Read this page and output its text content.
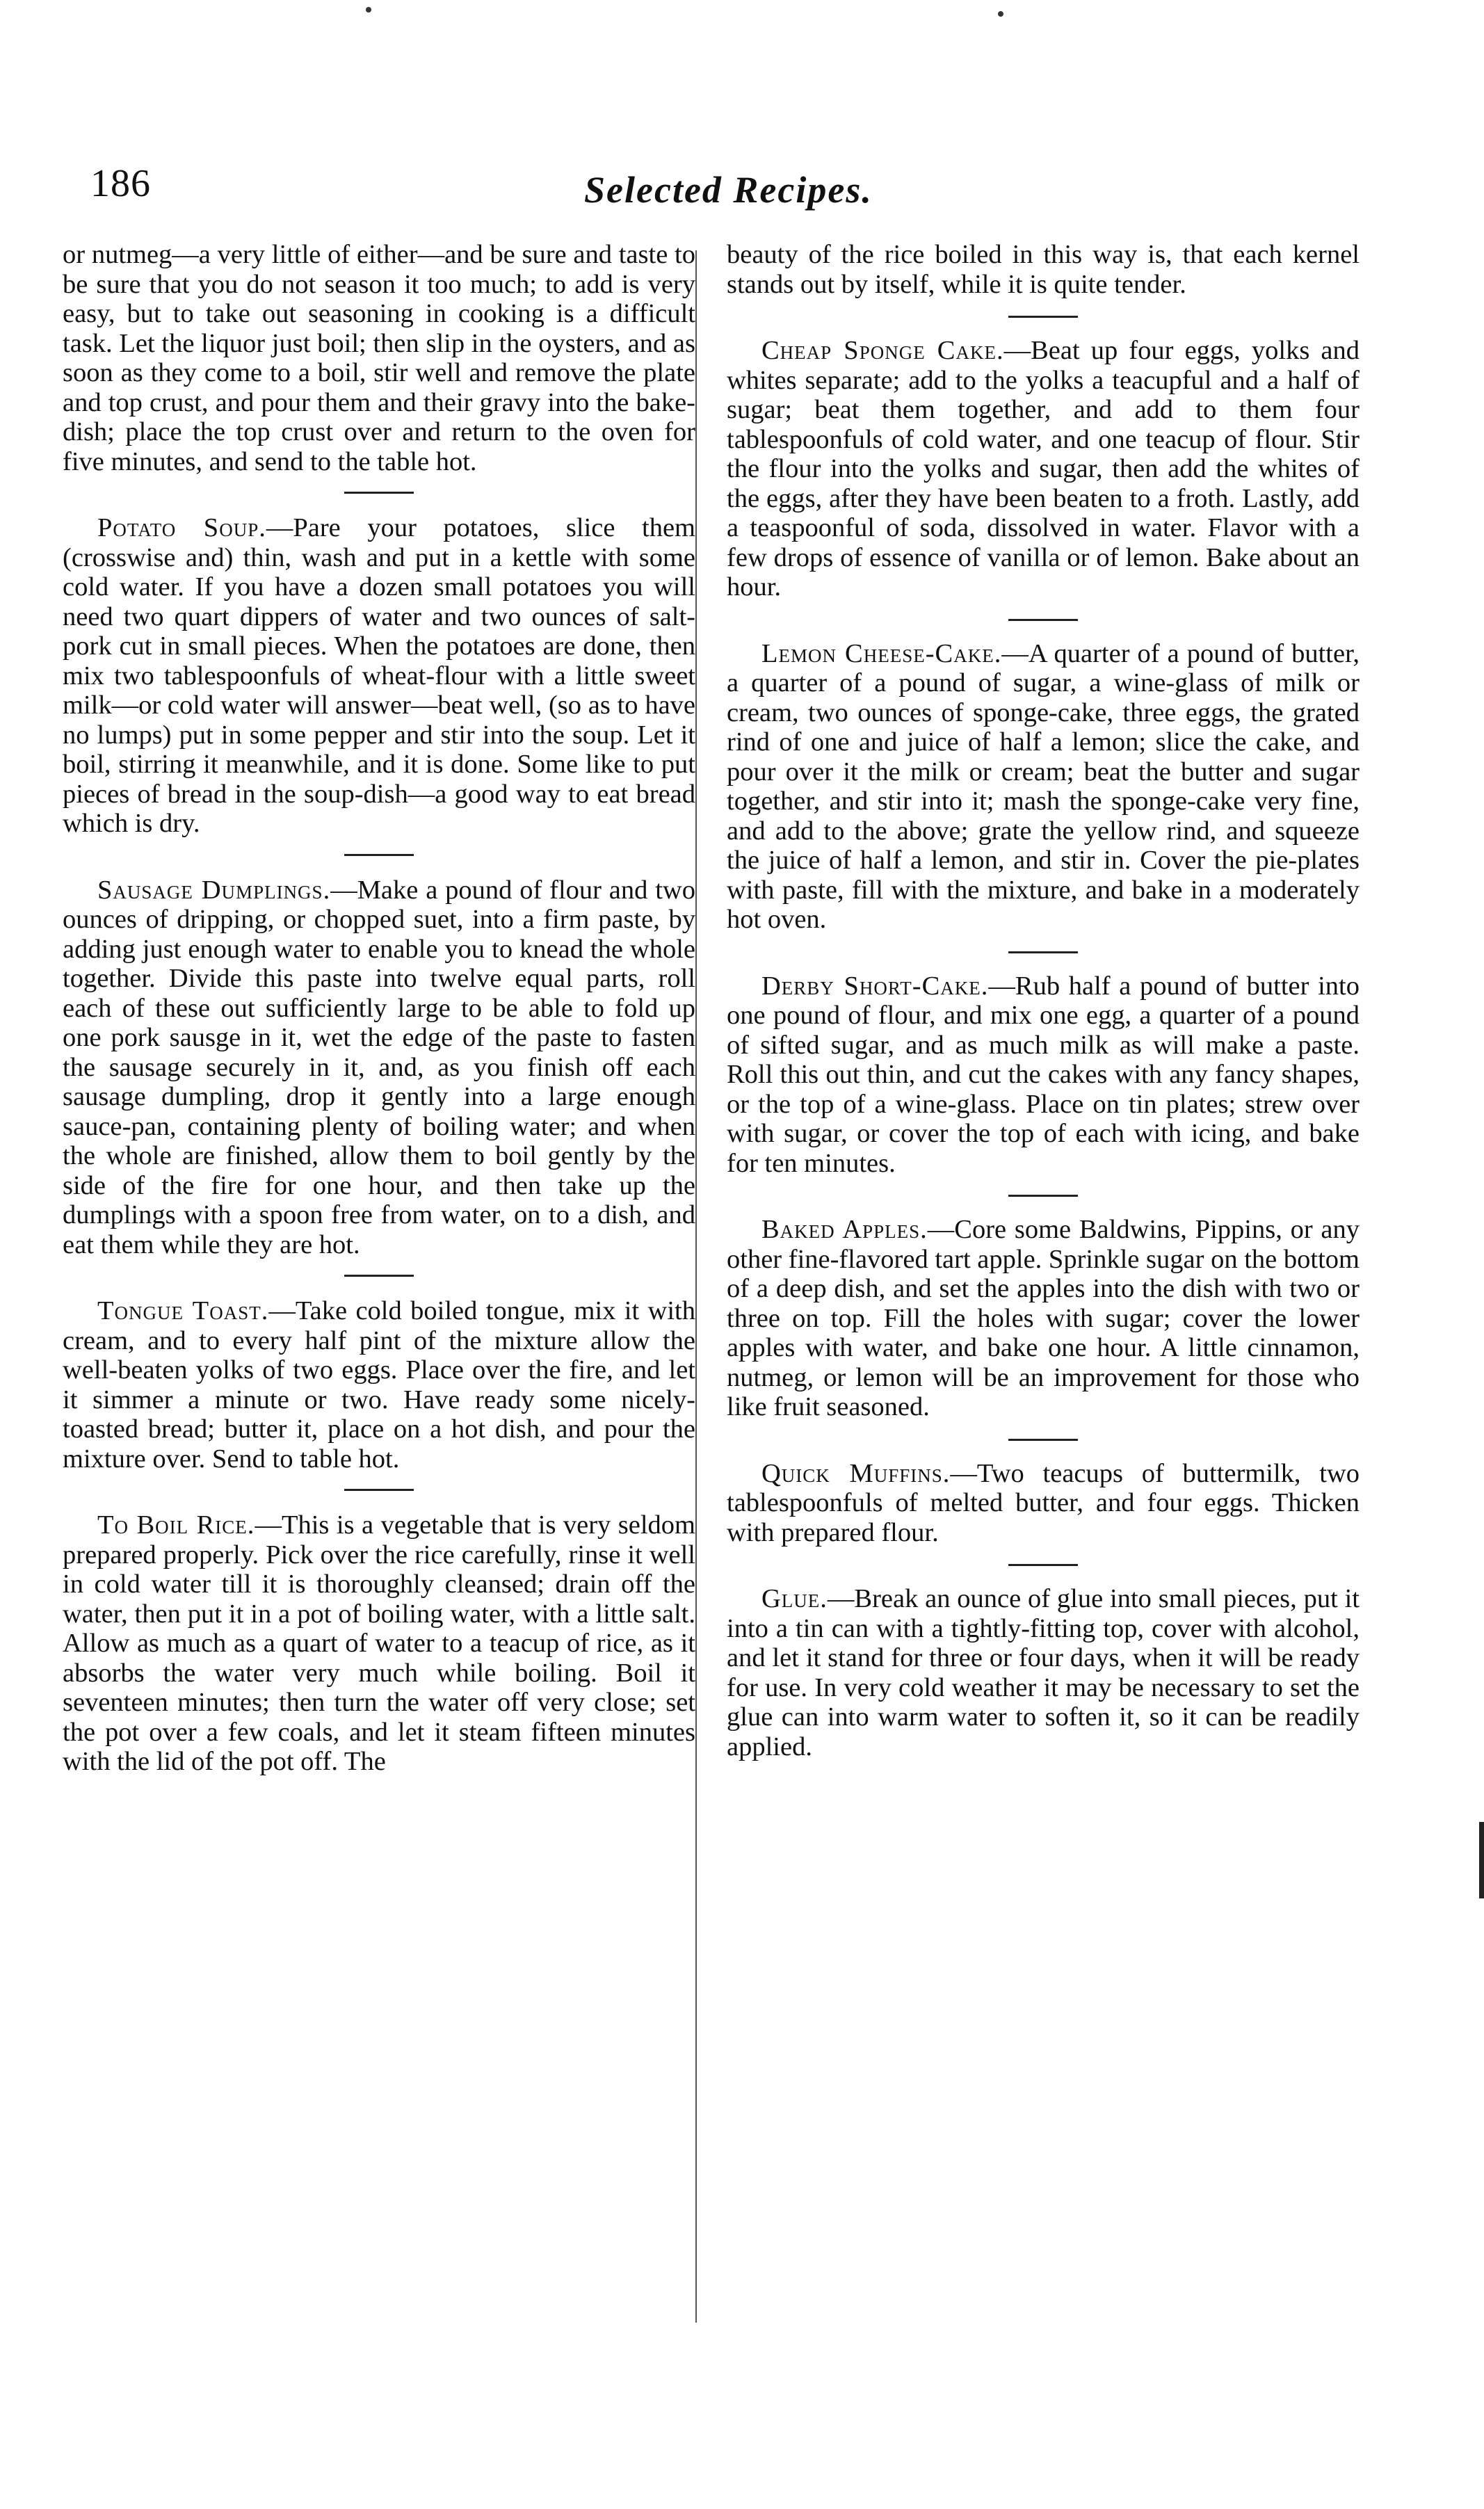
186	Selected Recipes.

or nutmeg—a very little of either—and be sure and taste to be sure that you do not season it too much; to add is very easy, but to take out seasoning in cooking is a difficult task. Let the liquor just boil; then slip in the oysters, and as soon as they come to a boil, stir well and remove the plate and top crust, and pour them and their gravy into the bake-dish; place the top crust over and return to the oven for five minutes, and send to the table hot.

Potato Soup.—Pare your potatoes, slice them (crosswise and) thin, wash and put in a kettle with some cold water. If you have a dozen small potatoes you will need two quart dippers of water and two ounces of salt-pork cut in small pieces. When the potatoes are done, then mix two tablespoonfuls of wheat-flour with a little sweet milk—or cold water will answer—beat well, (so as to have no lumps) put in some pepper and stir into the soup. Let it boil, stirring it meanwhile, and it is done. Some like to put pieces of bread in the soup-dish—a good way to eat bread which is dry.

Sausage Dumplings.—Make a pound of flour and two ounces of dripping, or chopped suet, into a firm paste, by adding just enough water to enable you to knead the whole together. Divide this paste into twelve equal parts, roll each of these out sufficiently large to be able to fold up one pork sausge in it, wet the edge of the paste to fasten the sausage securely in it, and, as you finish off each sausage dumpling, drop it gently into a large enough sauce-pan, containing plenty of boiling water; and when the whole are finished, allow them to boil gently by the side of the fire for one hour, and then take up the dumplings with a spoon free from water, on to a dish, and eat them while they are hot.

Tongue Toast.—Take cold boiled tongue, mix it with cream, and to every half pint of the mixture allow the well-beaten yolks of two eggs. Place over the fire, and let it simmer a minute or two. Have ready some nicely-toasted bread; butter it, place on a hot dish, and pour the mixture over. Send to table hot.

To Boil Rice.—This is a vegetable that is very seldom prepared properly. Pick over the rice carefully, rinse it well in cold water till it is thoroughly cleansed; drain off the water, then put it in a pot of boiling water, with a little salt. Allow as much as a quart of water to a teacup of rice, as it absorbs the water very much while boiling. Boil it seventeen minutes; then turn the water off very close; set the pot over a few coals, and let it steam fifteen minutes with the lid of the pot off. The

beauty of the rice boiled in this way is, that each kernel stands out by itself, while it is quite tender.

Cheap Sponge Cake.—Beat up four eggs, yolks and whites separate; add to the yolks a teacupful and a half of sugar; beat them together, and add to them four tablespoonfuls of cold water, and one teacup of flour. Stir the flour into the yolks and sugar, then add the whites of the eggs, after they have been beaten to a froth. Lastly, add a teaspoonful of soda, dissolved in water. Flavor with a few drops of essence of vanilla or of lemon. Bake about an hour.

Lemon Cheese-Cake.—A quarter of a pound of butter, a quarter of a pound of sugar, a wine-glass of milk or cream, two ounces of sponge-cake, three eggs, the grated rind of one and juice of half a lemon; slice the cake, and pour over it the milk or cream; beat the butter and sugar together, and stir into it; mash the sponge-cake very fine, and add to the above; grate the yellow rind, and squeeze the juice of half a lemon, and stir in. Cover the pie-plates with paste, fill with the mixture, and bake in a moderately hot oven.

Derby Short-Cake.—Rub half a pound of butter into one pound of flour, and mix one egg, a quarter of a pound of sifted sugar, and as much milk as will make a paste. Roll this out thin, and cut the cakes with any fancy shapes, or the top of a wine-glass. Place on tin plates; strew over with sugar, or cover the top of each with icing, and bake for ten minutes.

Baked Apples.—Core some Baldwins, Pippins, or any other fine-flavored tart apple. Sprinkle sugar on the bottom of a deep dish, and set the apples into the dish with two or three on top. Fill the holes with sugar; cover the lower apples with water, and bake one hour. A little cinnamon, nutmeg, or lemon will be an improvement for those who like fruit seasoned.

Quick Muffins.—Two teacups of buttermilk, two tablespoonfuls of melted butter, and four eggs. Thicken with prepared flour.

Glue.—Break an ounce of glue into small pieces, put it into a tin can with a tightly-fitting top, cover with alcohol, and let it stand for three or four days, when it will be ready for use. In very cold weather it may be necessary to set the glue can into warm water to soften it, so it can be readily applied.
